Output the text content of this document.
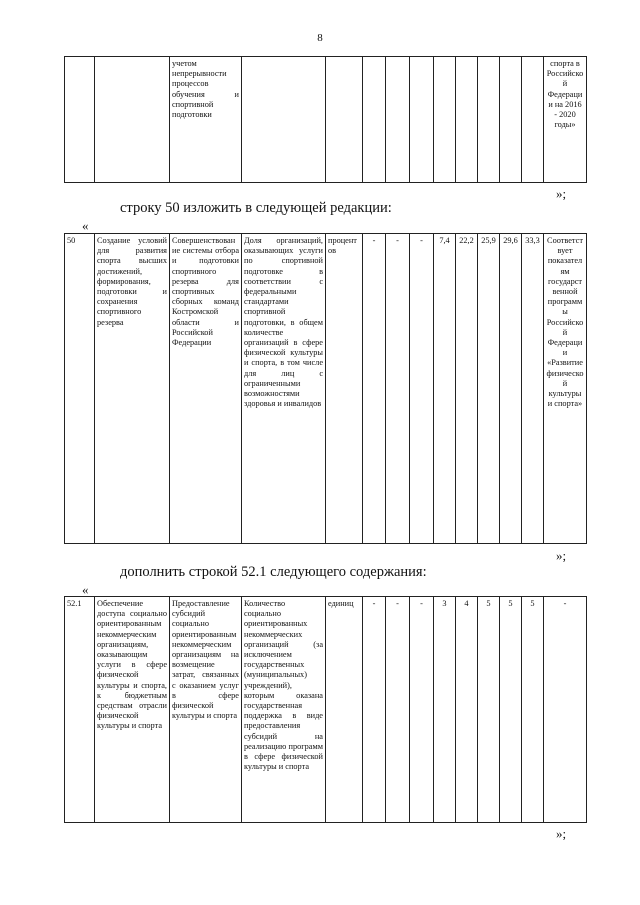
8
		учетом непрерывности процессов обучения и спортивной подготовки											спорта в Российской Федерации на 2016 - 2020 годы»
»;
строку 50 изложить в следующей редакции:
«
50	Создание условий для развития спорта высших достижений, формирования, подготовки и сохранения спортивного резерва	Совершенствование системы отбора и подготовки спортивного резерва для спортивных сборных команд Костромской области и Российской Федерации	Доля организаций, оказывающих услуги по спортивной подготовке в соответствии с федеральными стандартами спортивной подготовки, в общем количестве организаций в сфере физической культуры и спорта, в том числе для лиц с ограниченными возможностями здоровья и инвалидов	процентов	-	-	-	7,4	22,2	25,9	29,6	33,3	Соответствует показателям государственной программы Российской Федерации «Развитие физической культуры и спорта»
»;
дополнить строкой 52.1 следующего содержания:
«
52.1	Обеспечение доступа социально ориентированным некоммерческим организациям, оказывающим услуги в сфере физической культуры и спорта, к бюджетным средствам отрасли физической культуры и спорта	Предоставление субсидий социально ориентированным некоммерческим организациям на возмещение затрат, связанных с оказанием услуг в сфере физической культуры и спорта	Количество социально ориентированных некоммерческих организаций (за исключением государственных (муниципальных) учреждений), которым оказана государственная поддержка в виде предоставления субсидий на реализацию программ в сфере физической культуры и спорта	единиц	-	-	-	3	4	5	5	5	-
»;
